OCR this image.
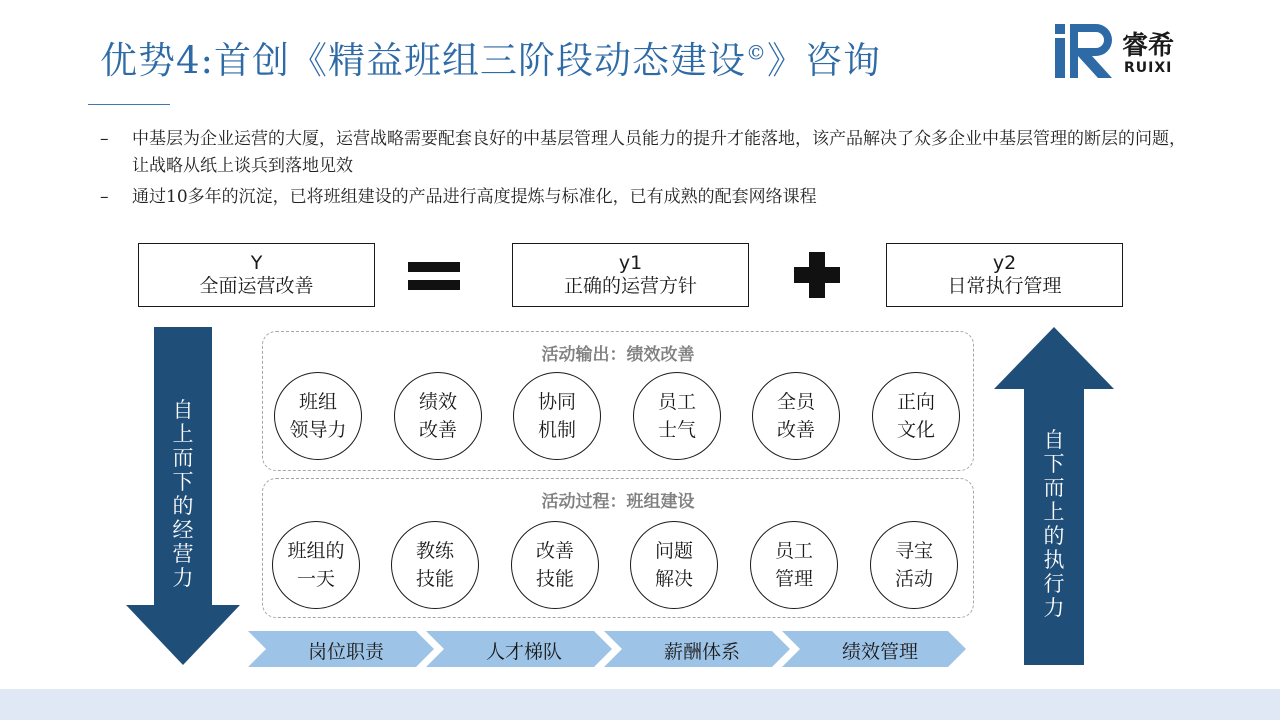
优势4:首创《精益班组三阶段动态建设©》咨询	睿希
RUIXI
–	中基层为企业运营的大厦，运营战略需要配套良好的中基层管理人员能力的提升才能落地，该产品解决了众多企业中基层管理的断层的问题，让战略从纸上谈兵到落地见效
–	通过10多年的沉淀，已将班组建设的产品进行高度提炼与标准化，已有成熟的配套网络课程
Y
全面运营改善
y1
正确的运营方针
y2
日常执行管理
自上而下的经营力
自下而上的执行力
活动输出：绩效改善
班组
领导力
绩效
改善
协同
机制
员工
士气
全员
改善
正向
文化
活动过程：班组建设
班组的
一天
教练
技能
改善
技能
问题
解决
员工
管理
寻宝
活动
岗位职责	人才梯队	薪酬体系	绩效管理
